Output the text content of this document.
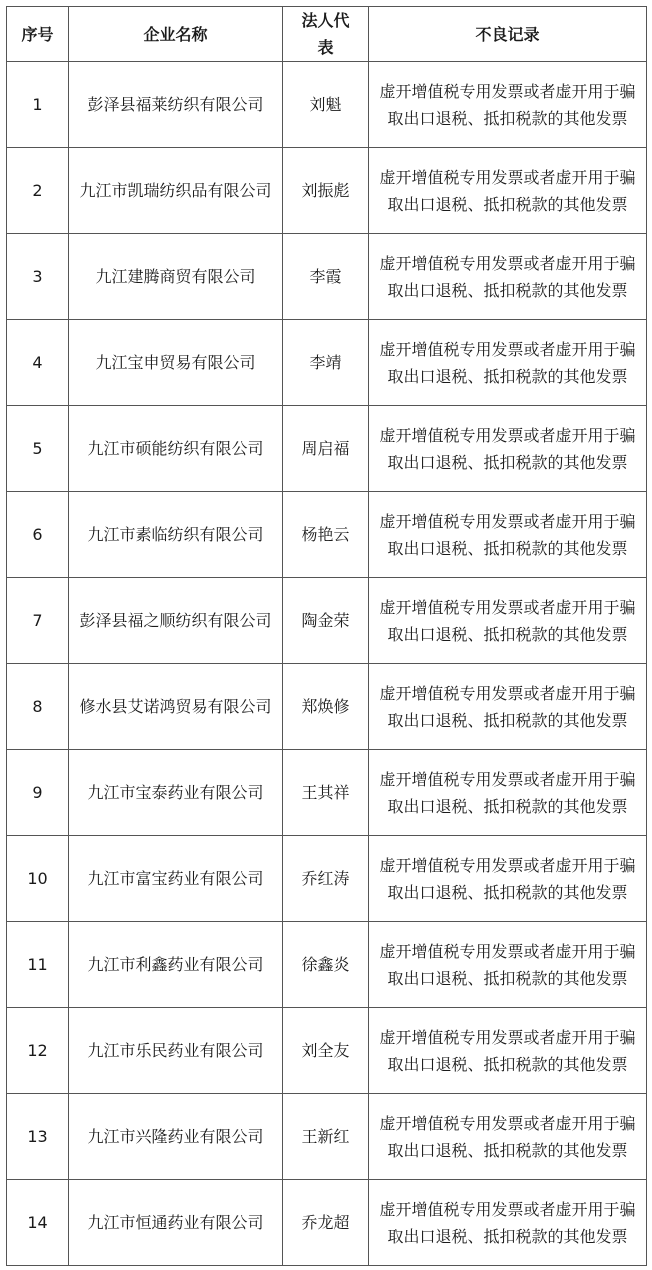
序号	企业名称	法人代表	不良记录
1	彭泽县福莱纺织有限公司	刘魁	虚开增值税专用发票或者虚开用于骗取出口退税、抵扣税款的其他发票
2	九江市凯瑞纺织品有限公司	刘振彪	虚开增值税专用发票或者虚开用于骗取出口退税、抵扣税款的其他发票
3	九江建腾商贸有限公司	李霞	虚开增值税专用发票或者虚开用于骗取出口退税、抵扣税款的其他发票
4	九江宝申贸易有限公司	李靖	虚开增值税专用发票或者虚开用于骗取出口退税、抵扣税款的其他发票
5	九江市硕能纺织有限公司	周启福	虚开增值税专用发票或者虚开用于骗取出口退税、抵扣税款的其他发票
6	九江市素临纺织有限公司	杨艳云	虚开增值税专用发票或者虚开用于骗取出口退税、抵扣税款的其他发票
7	彭泽县福之顺纺织有限公司	陶金荣	虚开增值税专用发票或者虚开用于骗取出口退税、抵扣税款的其他发票
8	修水县艾诺鸿贸易有限公司	郑焕修	虚开增值税专用发票或者虚开用于骗取出口退税、抵扣税款的其他发票
9	九江市宝泰药业有限公司	王其祥	虚开增值税专用发票或者虚开用于骗取出口退税、抵扣税款的其他发票
10	九江市富宝药业有限公司	乔红涛	虚开增值税专用发票或者虚开用于骗取出口退税、抵扣税款的其他发票
11	九江市利鑫药业有限公司	徐鑫炎	虚开增值税专用发票或者虚开用于骗取出口退税、抵扣税款的其他发票
12	九江市乐民药业有限公司	刘全友	虚开增值税专用发票或者虚开用于骗取出口退税、抵扣税款的其他发票
13	九江市兴隆药业有限公司	王新红	虚开增值税专用发票或者虚开用于骗取出口退税、抵扣税款的其他发票
14	九江市恒通药业有限公司	乔龙超	虚开增值税专用发票或者虚开用于骗取出口退税、抵扣税款的其他发票
